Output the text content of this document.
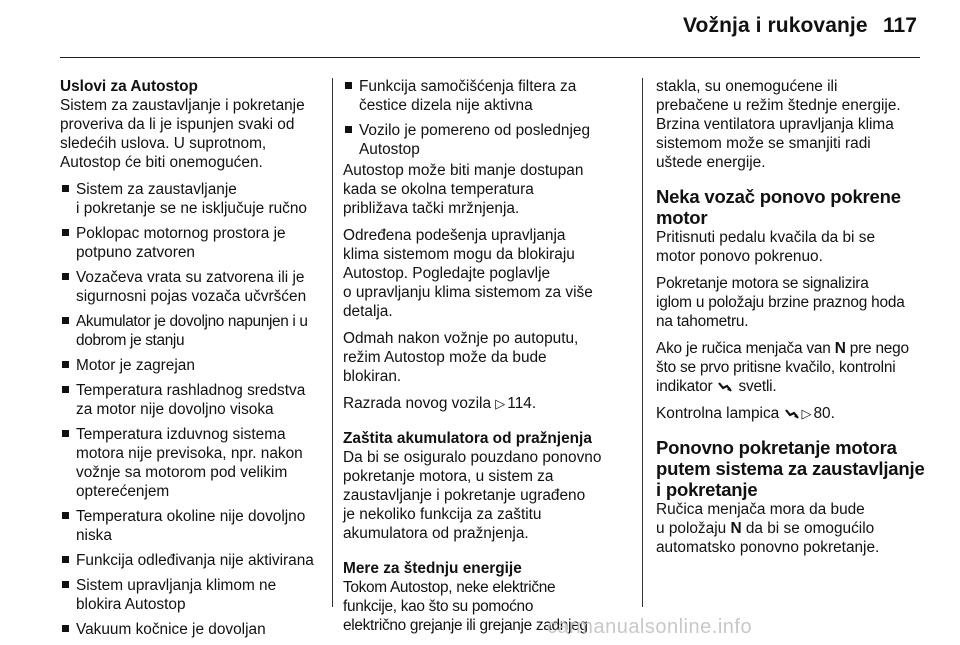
Vožnja i rukovanje 117
Uslovi za Autostop

Sistem za zaustavljanje i pokretanje
proveriva da li je ispunjen svaki od
sledećih uslova. U suprotnom,
Autostop će biti onemogućen.

Sistem za zaustavljanje
i pokretanje se ne isključuje ručno
Poklopac motornog prostora je
potpuno zatvoren
Vozačeva vrata su zatvorena ili je
sigurnosni pojas vozača učvršćen
Akumulator je dovoljno napunjen i u
dobrom je stanju
Motor je zagrejan
Temperatura rashladnog sredstva
za motor nije dovoljno visoka
Temperatura izduvnog sistema
motora nije previsoka, npr. nakon
vožnje sa motorom pod velikim
opterećenjem
Temperatura okoline nije dovoljno
niska
Funkcija odleđivanja nije aktivirana
Sistem upravljanja klimom ne
blokira Autostop
Vakuum kočnice je dovoljan
Funkcija samočišćenja filtera za
čestice dizela nije aktivna
Vozilo je pomereno od poslednjeg
Autostop

Autostop može biti manje dostupan
kada se okolna temperatura
približava tački mržnjenja.

Određena podešenja upravljanja
klima sistemom mogu da blokiraju
Autostop. Pogledajte poglavlje
o upravljanju klima sistemom za više
detalja.

Odmah nakon vožnje po autoputu,
režim Autostop može da bude
blokiran.

Razrada novog vozila ▷ 114.

Zaštita akumulatora od pražnjenja

Da bi se osiguralo pouzdano ponovno
pokretanje motora, u sistem za
zaustavljanje i pokretanje ugrađeno
je nekoliko funkcija za zaštitu
akumulatora od pražnjenja.

Mere za štednju energije

Tokom Autostop, neke električne
funkcije, kao što su pomoćno
električno grejanje ili grejanje zadnjeg

stakla, su onemogućene ili
prebačene u režim štednje energije.
Brzina ventilatora upravljanja klima
sistemom može se smanjiti radi
uštede energije.

Neka vozač ponovo pokrene
motor

Pritisnuti pedalu kvačila da bi se
motor ponovo pokrenuo.

Pokretanje motora se signalizira
iglom u položaju brzine praznog hoda
na tahometru.

Ako je ručica menjača van N pre nego
što se prvo pritisne kvačilo, kontrolni
indikator  svetli.

Kontrolna lampica ▷ 80.

Ponovno pokretanje motora
putem sistema za zaustavljanje
i pokretanje

Ručica menjača mora da bude
u položaju N da bi se omogućilo
automatsko ponovno pokretanje.

carmanualsonline.info
